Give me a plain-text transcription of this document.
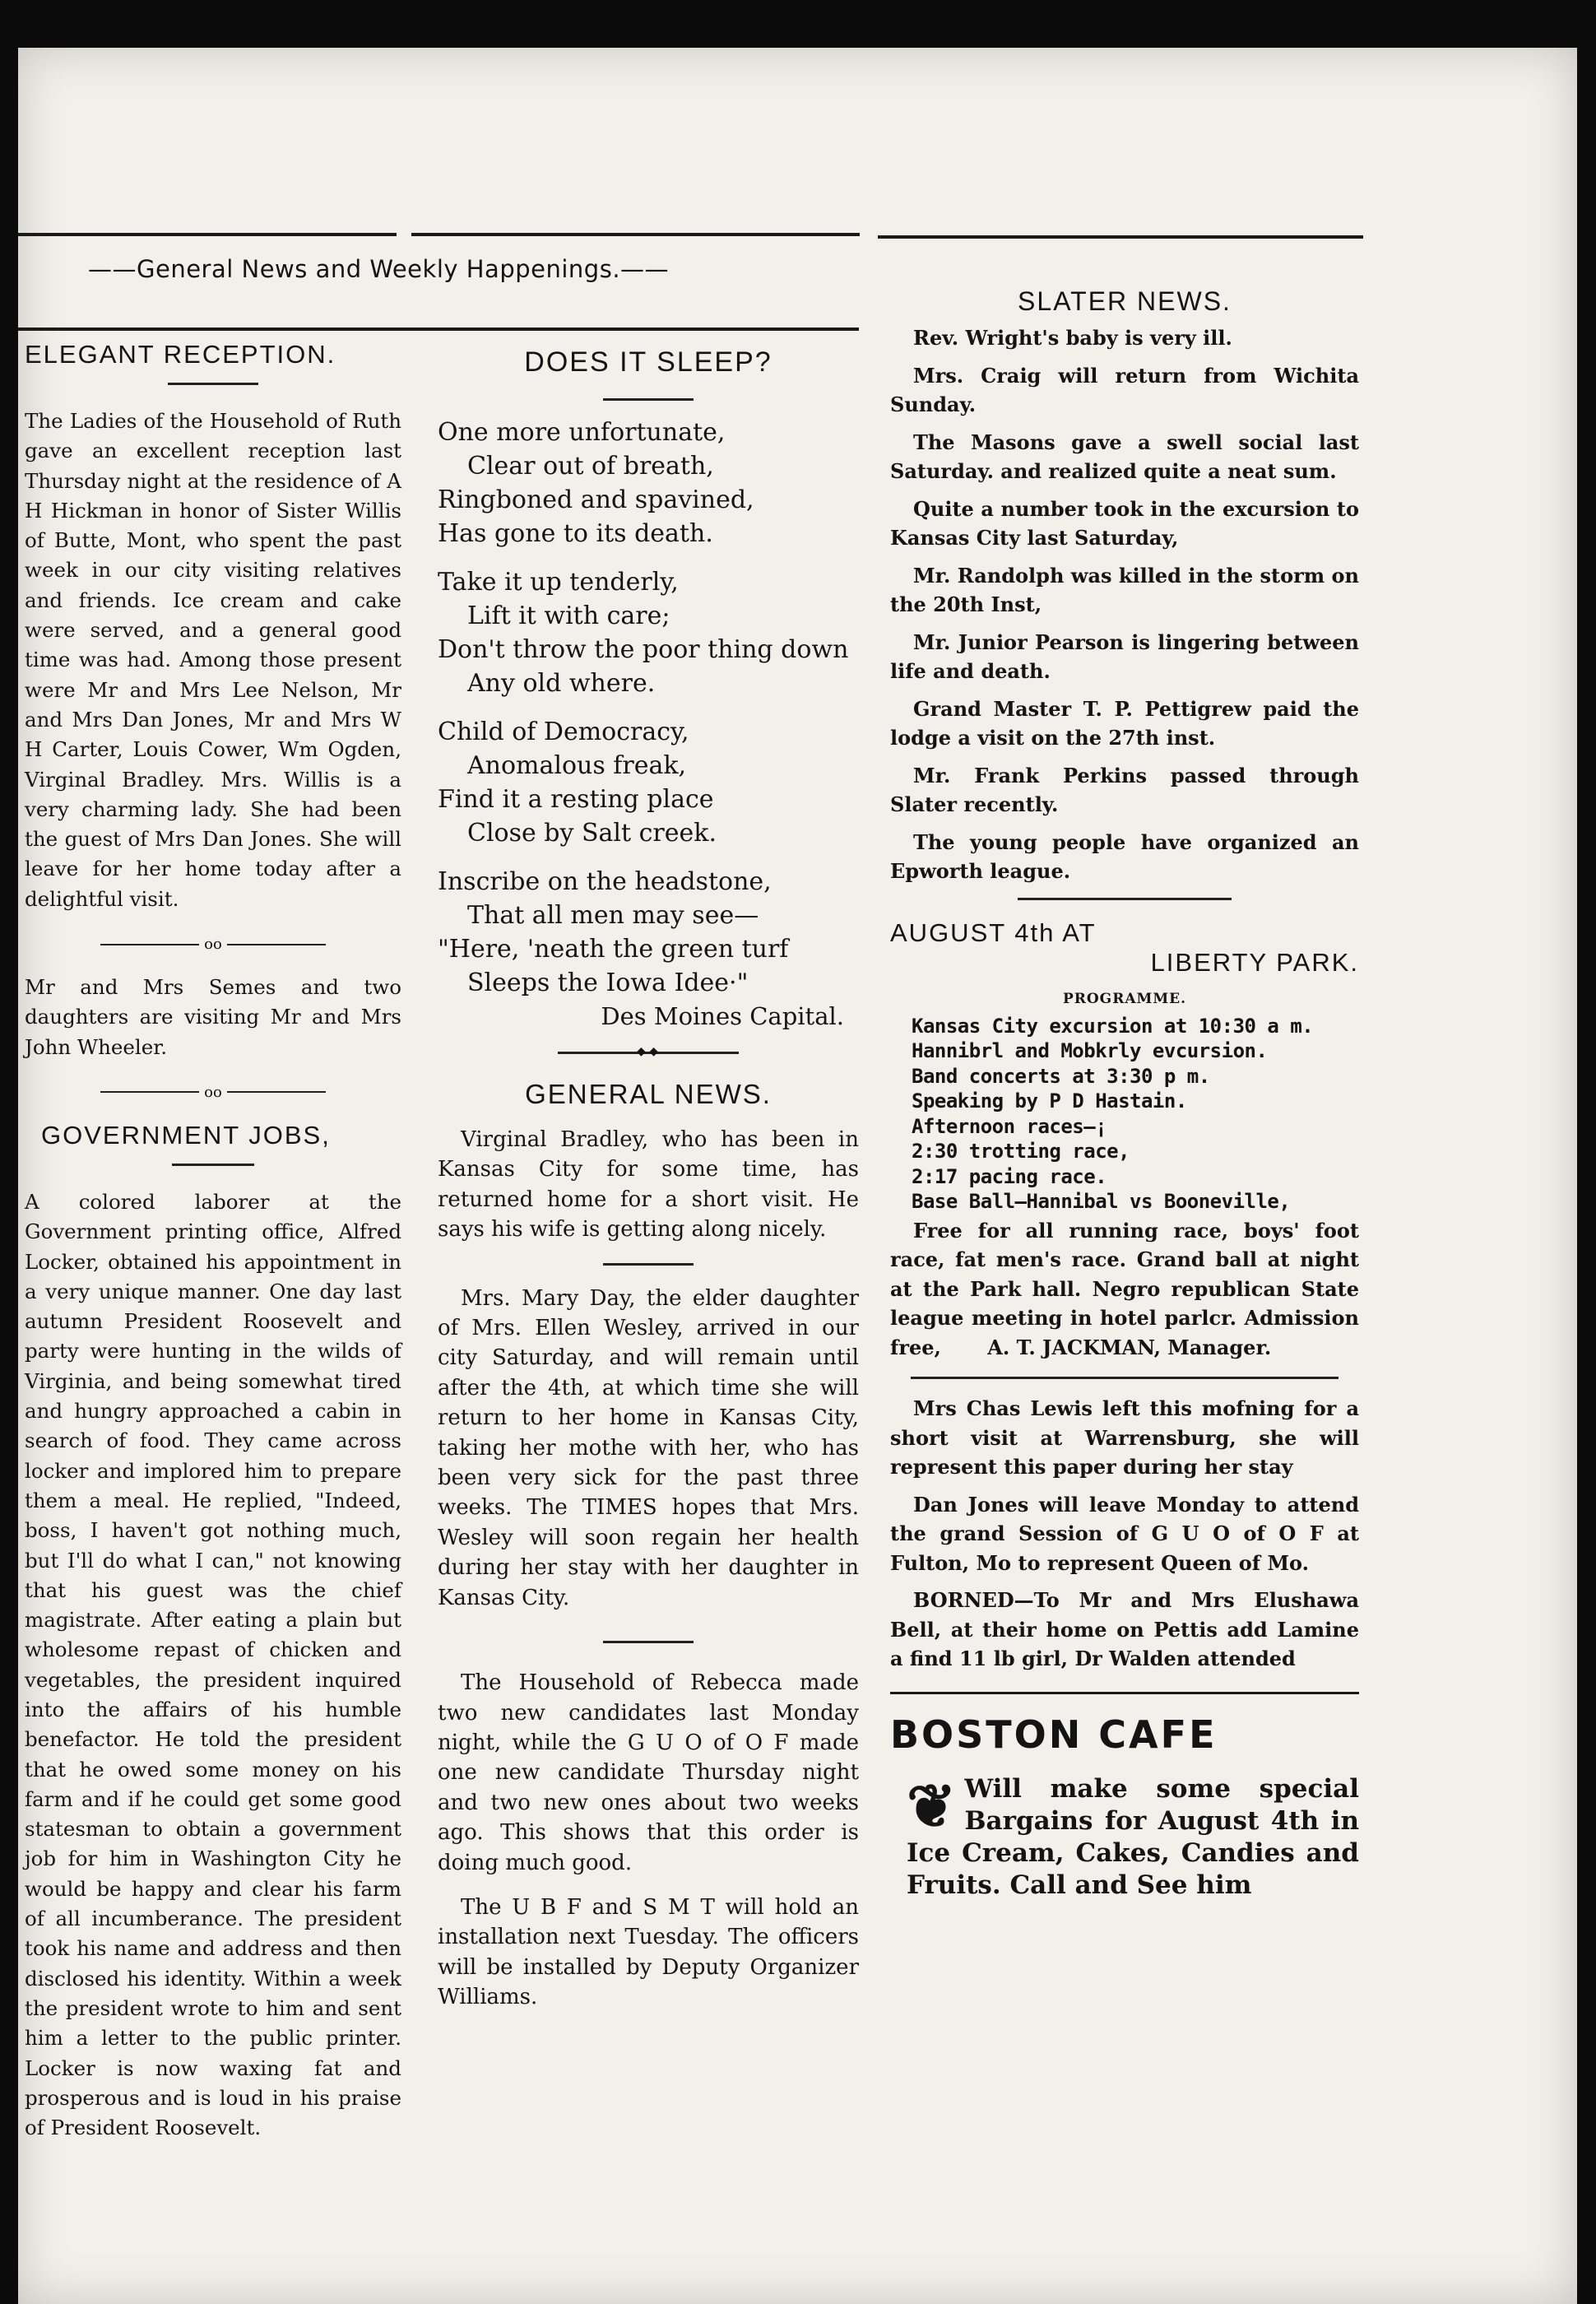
——General News and Weekly Happenings.——
ELEGANT RECEPTION.

The Ladies of the Household of Ruth gave an excellent reception last Thursday night at the residence of A H Hickman in honor of Sister Willis of Butte, Mont, who spent the past week in our city visiting relatives and friends. Ice cream and cake were served, and a general good time was had. Among those present were Mr and Mrs Lee Nelson, Mr and Mrs Dan Jones, Mr and Mrs W H Carter, Louis Cower, Wm Ogden, Virginal Bradley. Mrs. Willis is a very charming lady. She had been the guest of Mrs Dan Jones. She will leave for her home today after a delightful visit.

oo

Mr and Mrs Semes and two daughters are visiting Mr and Mrs John Wheeler.

oo
GOVERNMENT JOBS,

A colored laborer at the Government printing office, Alfred Locker, obtained his appointment in a very unique manner. One day last autumn President Roosevelt and party were hunting in the wilds of Virginia, and being somewhat tired and hungry approached a cabin in search of food. They came across locker and implored him to prepare them a meal. He replied, "Indeed, boss, I haven't got nothing much, but I'll do what I can," not knowing that his guest was the chief magistrate. After eating a plain but wholesome repast of chicken and vegetables, the president inquired into the affairs of his humble benefactor. He told the president that he owed some money on his farm and if he could get some good statesman to obtain a government job for him in Washington City he would be happy and clear his farm of all incumberance. The president took his name and address and then disclosed his identity. Within a week the president wrote to him and sent him a letter to the public printer. Locker is now waxing fat and prosperous and is loud in his praise of President Roosevelt.

DOES IT SLEEP?
One more unfortunate,
Clear out of breath,
Ringboned and spavined,
Has gone to its death.
Take it up tenderly,
Lift it with care;
Don't throw the poor thing down
Any old where.
Child of Democracy,
Anomalous freak,
Find it a resting place
Close by Salt creek.
Inscribe on the headstone,
That all men may see—
"Here, 'neath the green turf
Sleeps the Iowa Idee·"
Des Moines Capital.
◆ ◆
GENERAL NEWS.

Virginal Bradley, who has been in Kansas City for some time, has returned home for a short visit. He says his wife is getting along nicely.

Mrs. Mary Day, the elder daughter of Mrs. Ellen Wesley, arrived in our city Saturday, and will remain until after the 4th, at which time she will return to her home in Kansas City, taking her mothe with her, who has been very sick for the past three weeks. The TIMES hopes that Mrs. Wesley will soon regain her health during her stay with her daughter in Kansas City.

The Household of Rebecca made two new candidates last Monday night, while the G U O of O F made one new candidate Thursday night and two new ones about two weeks ago. This shows that this order is doing much good.

The U B F and S M T will hold an installation next Tuesday. The officers will be installed by Deputy Organizer Williams.

SLATER NEWS.

Rev. Wright's baby is very ill.

Mrs. Craig will return from Wichita Sunday.

The Masons gave a swell social last Saturday. and realized quite a neat sum.

Quite a number took in the excursion to Kansas City last Saturday,

Mr. Randolph was killed in the storm on the 20th Inst,

Mr. Junior Pearson is lingering between life and death.

Grand Master T. P. Pettigrew paid the lodge a visit on the 27th inst.

Mr. Frank Perkins passed through Slater recently.

The young people have organized an Epworth league.

AUGUST 4th AT
LIBERTY PARK.
PROGRAMME.
Kansas City excursion at 10:30 a m.
Hannibrl and Mobkrly evcursion.
Band concerts at 3:30 p m.
Speaking by P D Hastain.
Afternoon races—¡
2:30 trotting race,
2:17 pacing race.
Base Ball—Hannibal vs Booneville,

Free for all running race, boys' foot race, fat men's race. Grand ball at night at the Park hall. Negro republican State league meeting in hotel parlcr. Admission free, A. T. JACKMAN, Manager.

Mrs Chas Lewis left this mofning for a short visit at Warrensburg, she will represent this paper during her stay

Dan Jones will leave Monday to attend the grand Session of G U O of O F at Fulton, Mo to represent Queen of Mo.

BORNED—To Mr and Mrs Elushawa Bell, at their home on Pettis add Lamine a find 11 lb girl, Dr Walden attended

BOSTON CAFE
❦ Will make some special Bargains for August 4th in Ice Cream, Cakes, Candies and Fruits. Call and See him
